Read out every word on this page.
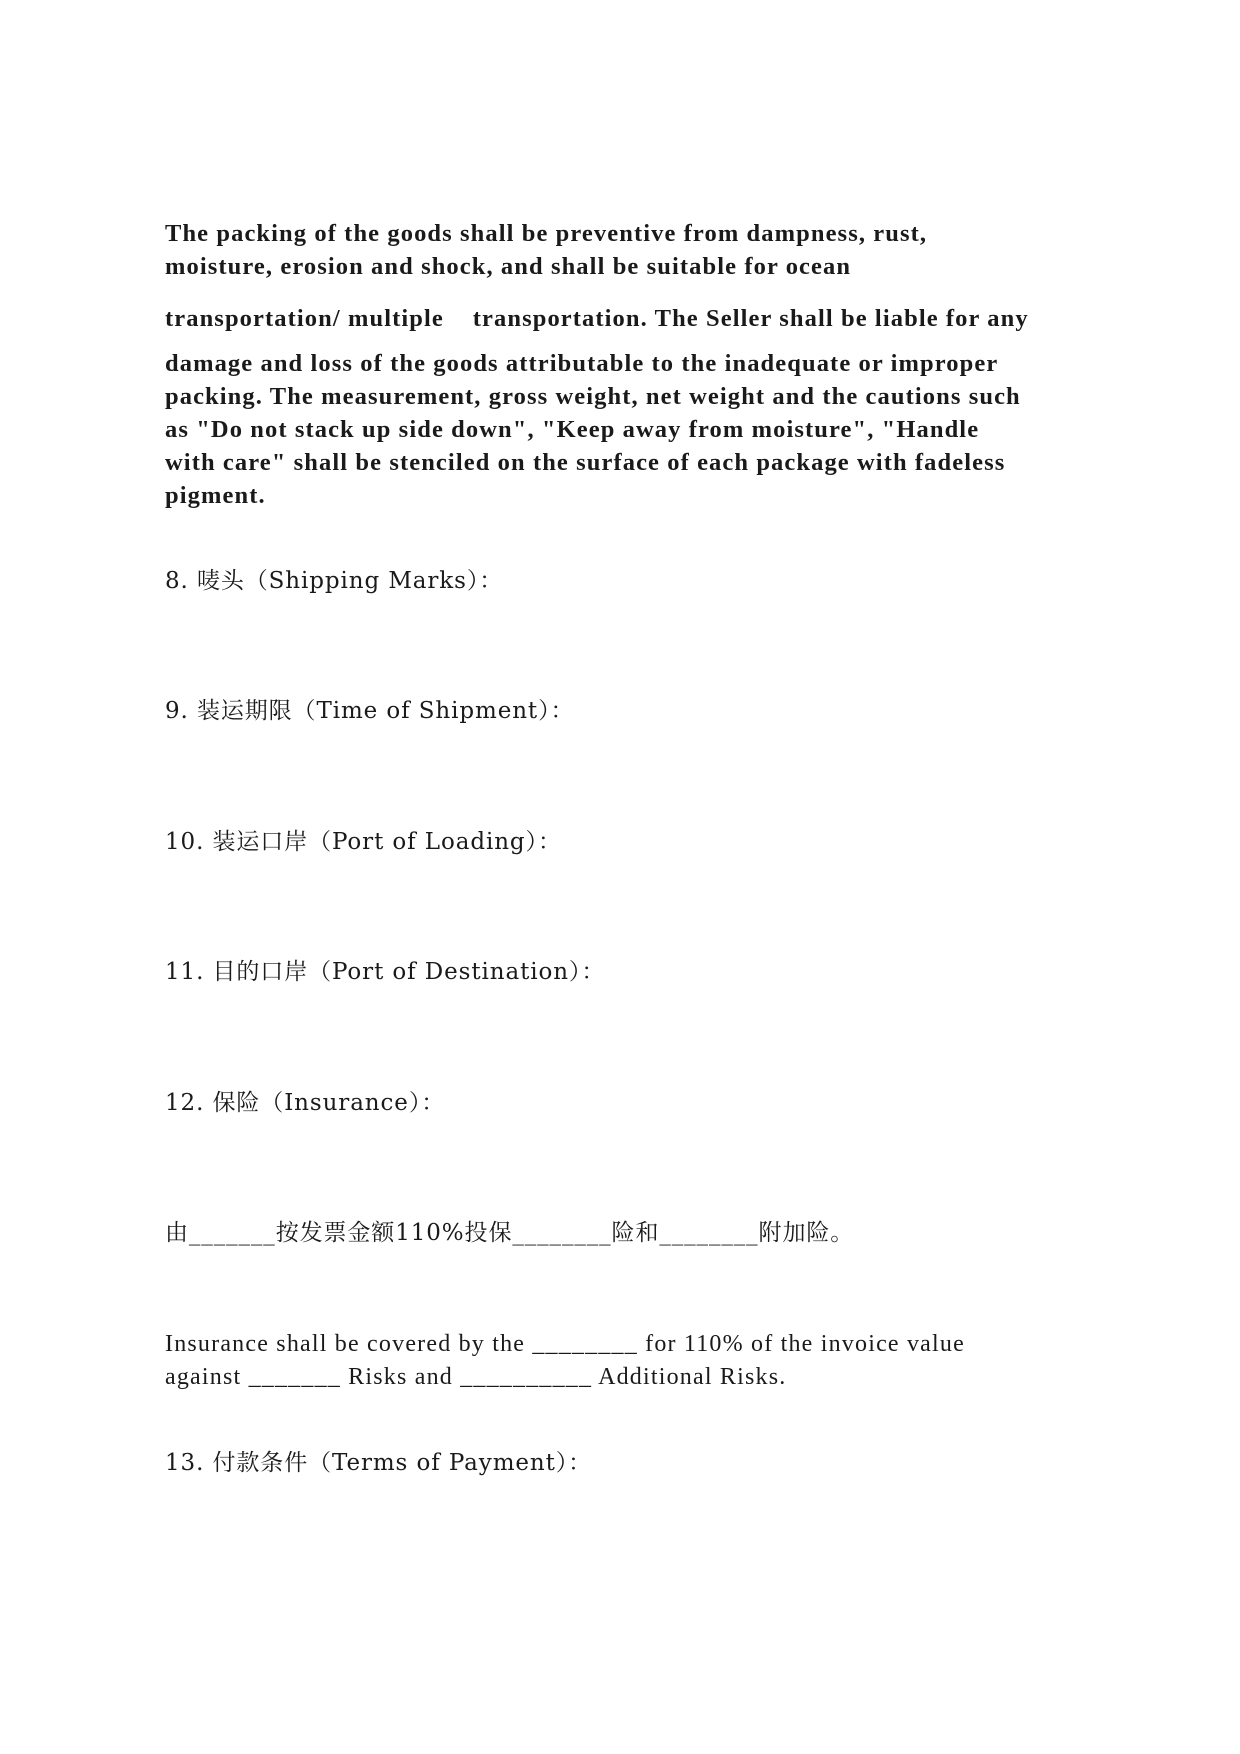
The packing of the goods shall be preventive from dampness, rust,

moisture, erosion and shock, and shall be suitable for ocean

transportation/ multiple    transportation. The Seller shall be liable for any

damage and loss of the goods attributable to the inadequate or improper

packing. The measurement, gross weight, net weight and the cautions such

as "Do not stack up side down", "Keep away from moisture", "Handle

with care" shall be stenciled on the surface of each package with fadeless

pigment.

8. 唛头（Shipping Marks）：

9. 装运期限（Time of Shipment）：

10. 装运口岸（Port of Loading）：

11. 目的口岸（Port of Destination）：

12. 保险（Insurance）：

由_______按发票金额110%投保________险和________附加险。

Insurance shall be covered by the ________ for 110% of the invoice value

against _______ Risks and __________ Additional Risks.

13. 付款条件（Terms of Payment）：
